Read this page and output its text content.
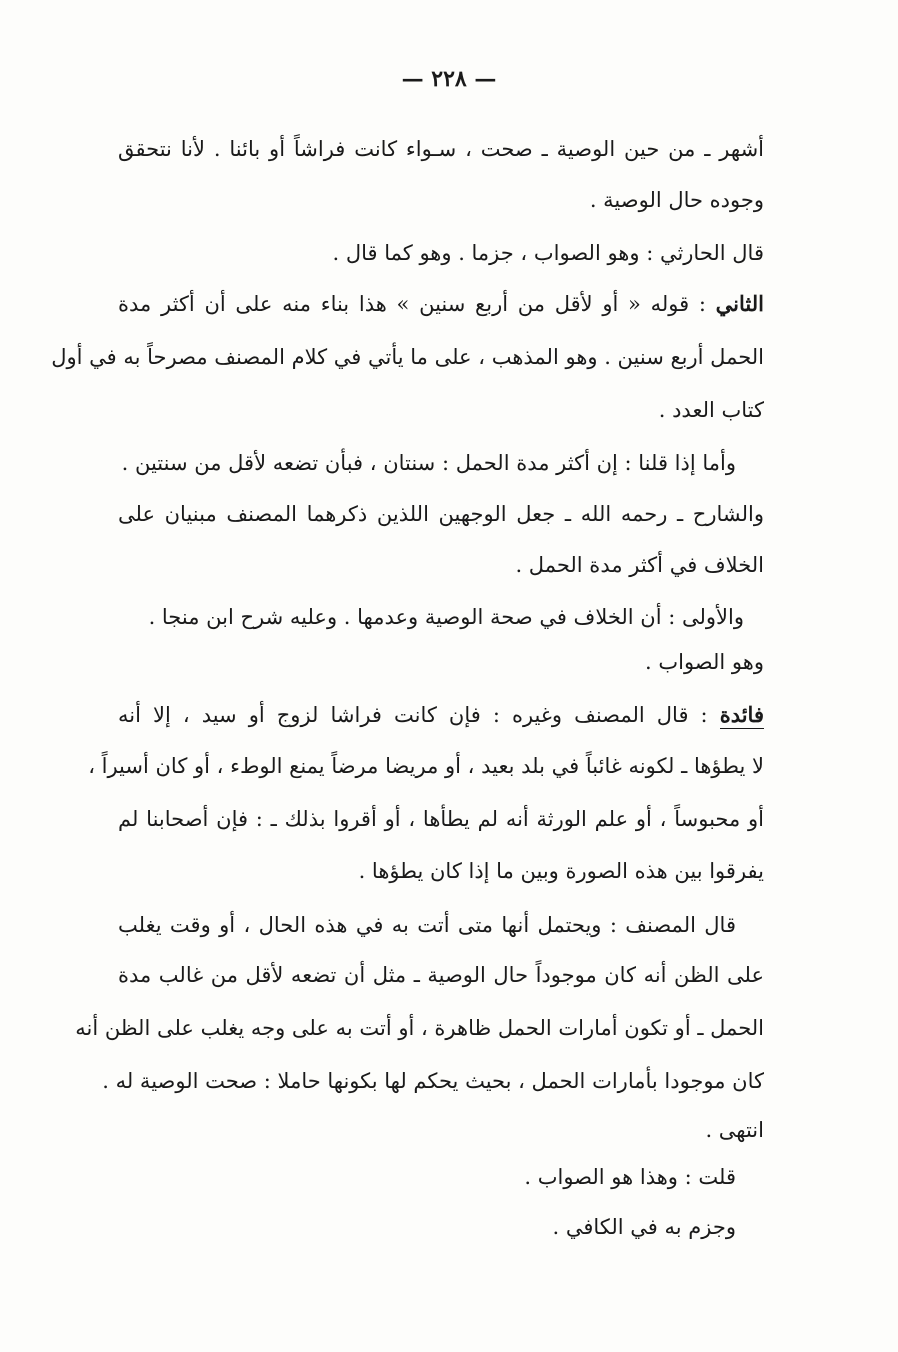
— ٢٢٨ —
أشهر ـ من حين الوصية ـ صحت ، سـواء كانت فراشاً أو بائنا . لأنا نتحقق
وجوده حال الوصية .
قال الحارثي : وهو الصواب ، جزما . وهو كما قال .
الثاني : قوله « أو لأقل من أربع سنين » هذا بناء منه على أن أكثر مدة
الحمل أربع سنين . وهو المذهب ، على ما يأتي في كلام المصنف مصرحاً به في أول
كتاب العدد .
وأما إذا قلنا : إن أكثر مدة الحمل : سنتان ، فبأن تضعه لأقل من سنتين .
والشارح ـ رحمه الله ـ جعل الوجهين اللذين ذكرهما المصنف مبنيان على
الخلاف في أكثر مدة الحمل .
والأولى : أن الخلاف في صحة الوصية وعدمها . وعليه شرح ابن منجا .
وهو الصواب .
فائدة : قال المصنف وغيره : فإن كانت فراشا لزوج أو سيد ، إلا أنه
لا يطؤها ـ لكونه غائباً في بلد بعيد ، أو مريضا مرضاً يمنع الوطء ، أو كان أسيراً ،
أو محبوساً ، أو علم الورثة أنه لم يطأها ، أو أقروا بذلك ـ : فإن أصحابنا لم
يفرقوا بين هذه الصورة وبين ما إذا كان يطؤها .
قال المصنف : ويحتمل أنها متى أتت به في هذه الحال ، أو وقت يغلب
على الظن أنه كان موجوداً حال الوصية ـ مثل أن تضعه لأقل من غالب مدة
الحمل ـ أو تكون أمارات الحمل ظاهرة ، أو أتت به على وجه يغلب على الظن أنه
كان موجودا بأمارات الحمل ، بحيث يحكم لها بكونها حاملا : صحت الوصية له .
انتهى .
قلت : وهذا هو الصواب .
وجزم به في الكافي .
